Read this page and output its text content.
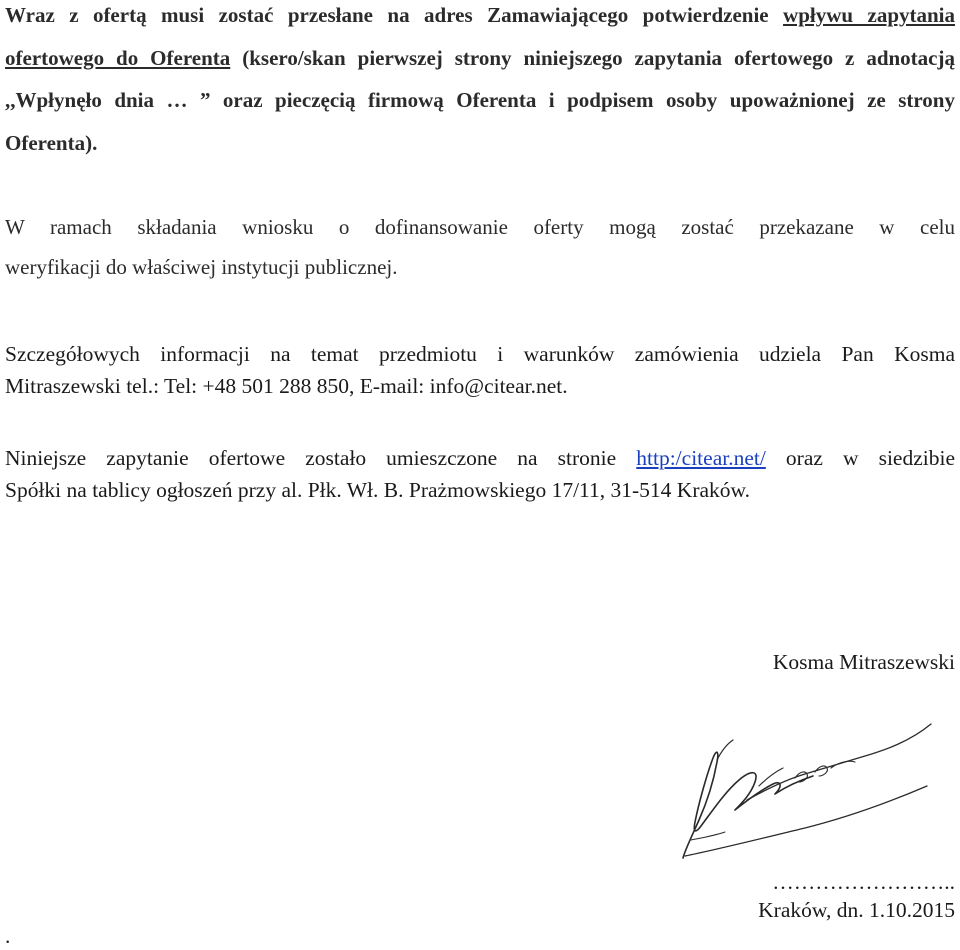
Wraz z ofertą musi zostać przesłane na adres Zamawiającego potwierdzenie wpływu zapytania ofertowego do Oferenta (ksero/skan pierwszej strony niniejszego zapytania ofertowego z adnotacją ,,Wpłynęło dnia … ” oraz pieczęcią firmową Oferenta i podpisem osoby upoważnionej ze strony Oferenta).

W ramach składania wniosku o dofinansowanie oferty mogą zostać przekazane w celu
weryfikacji do właściwej instytucji publicznej.

Szczegółowych informacji na temat przedmiotu i warunków zamówienia udziela Pan Kosma
Mitraszewski tel.: Tel: +48 501 288 850, E-mail: info@citear.net.

Niniejsze zapytanie ofertowe zostało umieszczone na stronie http:/citear.net/ oraz w siedzibie
Spółki na tablicy ogłoszeń przy al. Płk. Wł. B. Prażmowskiego 17/11, 31-514 Kraków.

Kosma Mitraszewski
……………………..
Kraków, dn. 1.10.2015
.
